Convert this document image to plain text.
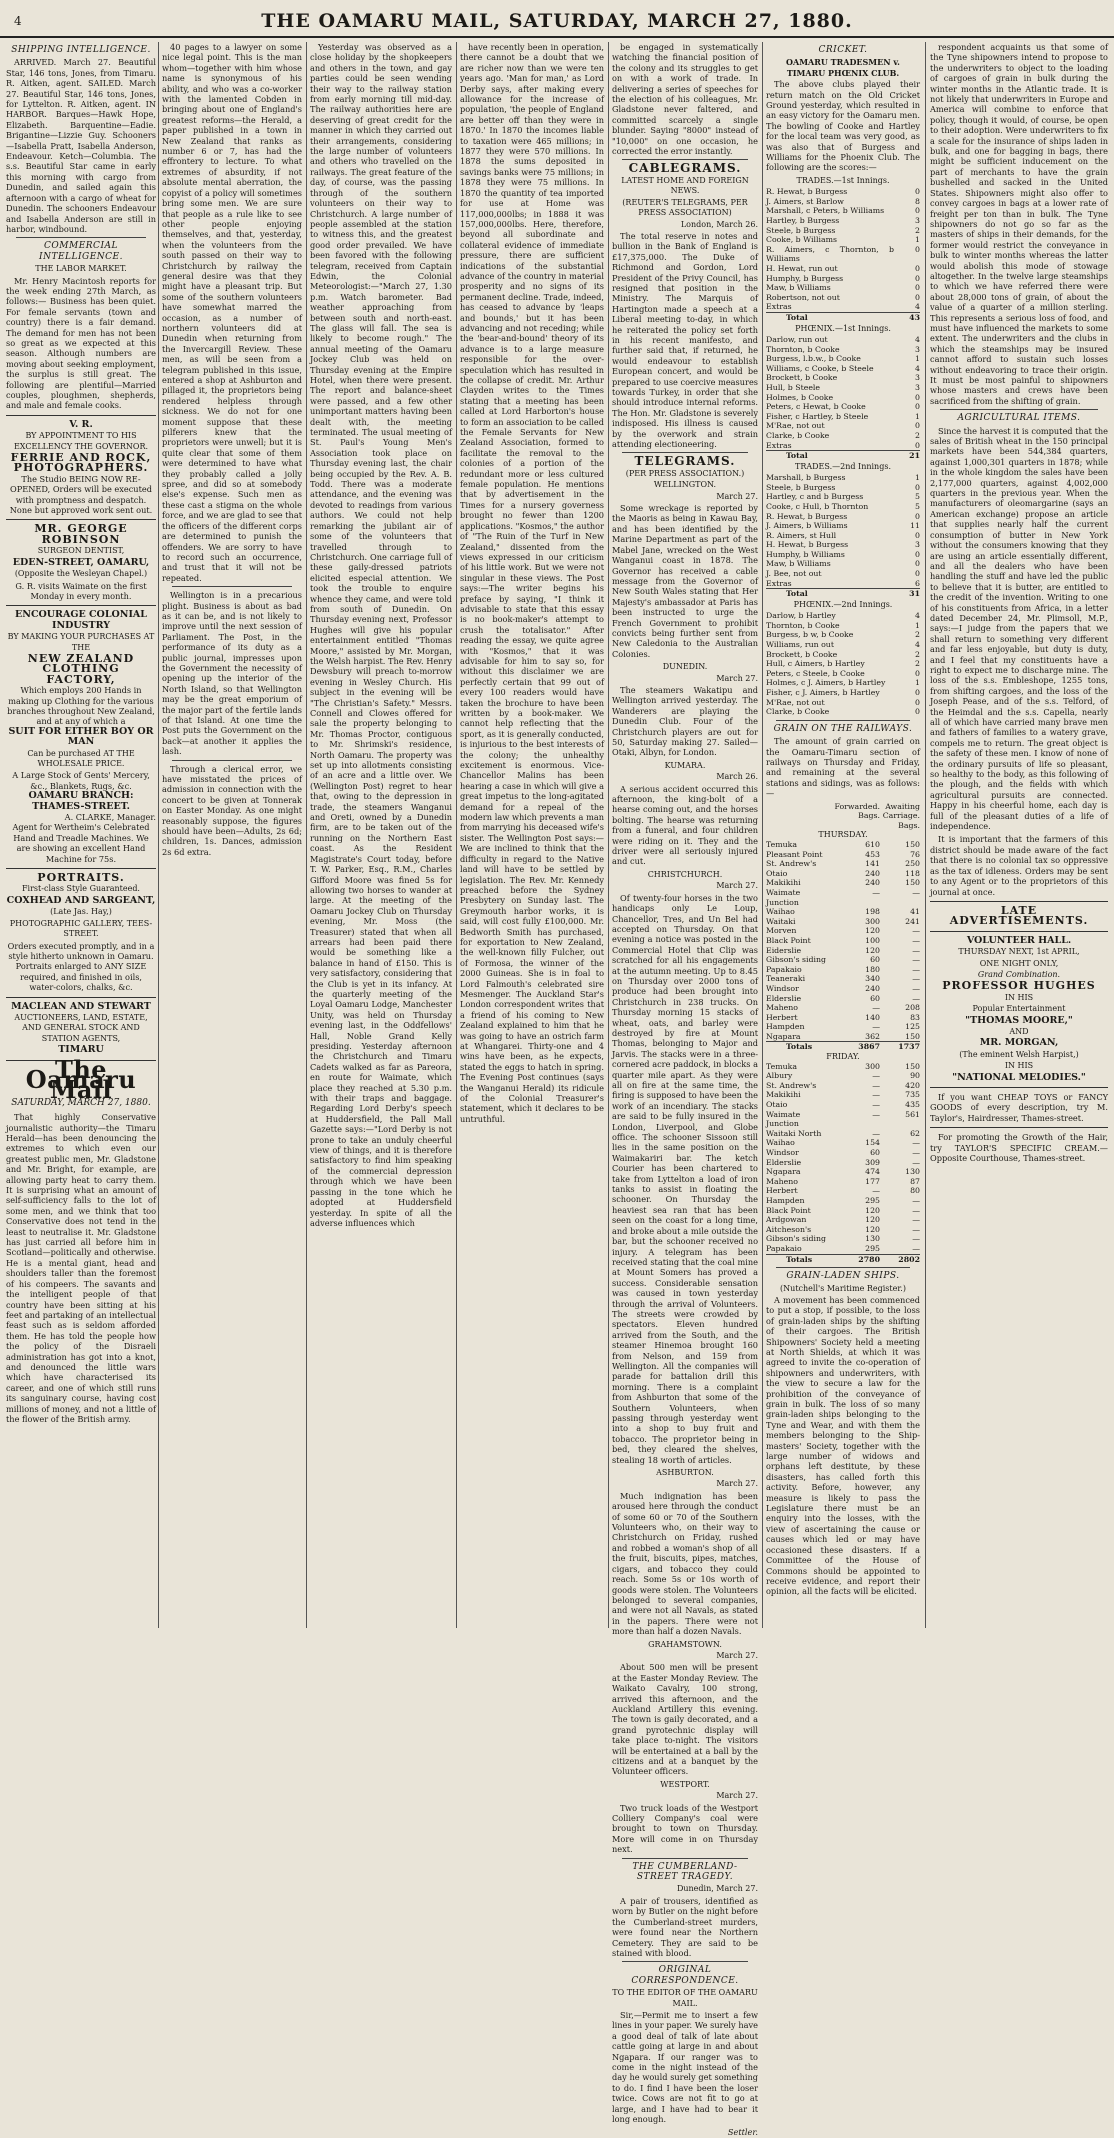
4	THE OAMARU MAIL, SATURDAY, MARCH 27, 1880.
SHIPPING INTELLIGENCE.

ARRIVED. March 27. Beautiful Star, 146 tons, Jones, from Timaru. R. Aitken, agent. SAILED. March 27. Beautiful Star, 146 tons, Jones, for Lyttelton. R. Aitken, agent. IN HARBOR. Barques—Hawk Hope, Elizabeth. Barquentine—Eadie. Brigantine—Lizzie Guy. Schooners—Isabella Pratt, Isabella Anderson, Endeavour. Ketch—Columbia. The s.s. Beautiful Star came in early this morning with cargo from Dunedin, and sailed again this afternoon with a cargo of wheat for Dunedin. The schooners Endeavour and Isabella Anderson are still in harbor, windbound.

COMMERCIAL INTELLIGENCE.
THE LABOR MARKET.

Mr. Henry Macintosh reports for the week ending 27th March, as follows:— Business has been quiet. For female servants (town and country) there is a fair demand. The demand for men has not been so great as we expected at this season. Although numbers are moving about seeking employment, the surplus is still great. The following are plentiful—Married couples, ploughmen, shepherds, and male and female cooks.

V. R.
BY APPOINTMENT TO HIS EXCELLENCY THE GOVERNOR.
FERRIE AND ROCK, PHOTOGRAPHERS.
The Studio BEING NOW RE-OPENED, Orders will be executed with promptness and despatch. None but approved work sent out.
MR. GEORGE ROBINSON
SURGEON DENTIST,
EDEN-STREET, OAMARU,
(Opposite the Wesleyan Chapel.)
G. R. visits Waimate on the first Monday in every month.
ENCOURAGE COLONIAL INDUSTRY
BY MAKING YOUR PURCHASES AT THE
NEW ZEALAND CLOTHING FACTORY,
Which employs 200 Hands in making up Clothing for the various branches throughout New Zealand, and at any of which a
SUIT FOR EITHER BOY OR MAN
Can be purchased AT THE WHOLESALE PRICE.
A Large Stock of Gents' Mercery, &c., Blankets, Rugs, &c.
OAMARU BRANCH: THAMES-STREET.
A. CLARKE, Manager.
Agent for Wertheim's Celebrated Hand and Treadle Machines. We are showing an excellent Hand Machine for 75s.
PORTRAITS.
First-class Style Guaranteed.
COXHEAD AND SARGEANT,
(Late Jas. Hay,)
PHOTOGRAPHIC GALLERY, TEES-STREET.
Orders executed promptly, and in a style hitherto unknown in Oamaru. Portraits enlarged to ANY SIZE required, and finished in oils, water-colors, chalks, &c.
MACLEAN AND STEWART
AUCTIONEERS, LAND, ESTATE, AND GENERAL STOCK AND STATION AGENTS,
TIMARU
The Oamaru Mail
SATURDAY, MARCH 27, 1880.

That highly Conservative journalistic authority—the Timaru Herald—has been denouncing the extremes to which even our greatest public men, Mr. Gladstone and Mr. Bright, for example, are allowing party heat to carry them. It is surprising what an amount of self-sufficiency falls to the lot of some men, and we think that too Conservative does not tend in the least to neutralise it. Mr. Gladstone has just carried all before him in Scotland—politically and otherwise. He is a mental giant, head and shoulders taller than the foremost of his compeers. The savants and the intelligent people of that country have been sitting at his feet and partaking of an intellectual feast such as is seldom afforded them. He has told the people how the policy of the Disraeli administration has got into a knot, and denounced the little wars which have characterised its career, and one of which still runs its sanguinary course, having cost millions of money, and not a little of the flower of the British army.

40 pages to a lawyer on some nice legal point. This is the man whom—together with him whose name is synonymous of his ability, and who was a co-worker with the lamented Cobden in bringing about one of England's greatest reforms—the Herald, a paper published in a town in New Zealand that ranks as number 6 or 7, has had the effrontery to lecture. To what extremes of absurdity, if not absolute mental aberration, the copyist of a policy will sometimes bring some men. We are sure that people as a rule like to see other people enjoying themselves, and that, yesterday, when the volunteers from the south passed on their way to Christchurch by railway the general desire was that they might have a pleasant trip. But some of the southern volunteers have somewhat marred the occasion, as a number of northern volunteers did at Dunedin when returning from the Invercargill Review. These men, as will be seen from a telegram published in this issue, entered a shop at Ashburton and pillaged it, the proprietors being rendered helpless through sickness. We do not for one moment suppose that these pilferers knew that the proprietors were unwell; but it is quite clear that some of them were determined to have what they probably called a jolly spree, and did so at somebody else's expense. Such men as these cast a stigma on the whole force, and we are glad to see that the officers of the different corps are determined to punish the offenders. We are sorry to have to record such an occurrence, and trust that it will not be repeated.

Wellington is in a precarious plight. Business is about as bad as it can be, and is not likely to improve until the next session of Parliament. The Post, in the performance of its duty as a public journal, impresses upon the Government the necessity of opening up the interior of the North Island, so that Wellington may be the great emporium of the major part of the fertile lands of that Island. At one time the Post puts the Government on the back—at another it applies the lash.

Through a clerical error, we have misstated the prices of admission in connection with the concert to be given at Tonnerak on Easter Monday. As one might reasonably suppose, the figures should have been—Adults, 2s 6d; children, 1s. Dances, admission 2s 6d extra.

Yesterday was observed as a close holiday by the shopkeepers and others in the town, and gay parties could be seen wending their way to the railway station from early morning till mid-day. The railway authorities here are deserving of great credit for the manner in which they carried out their arrangements, considering the large number of volunteers and others who travelled on the railways. The great feature of the day, of course, was the passing through of the southern volunteers on their way to Christchurch. A large number of people assembled at the station to witness this, and the greatest good order prevailed. We have been favored with the following telegram, received from Captain Edwin, the Colonial Meteorologist:—"March 27, 1.30 p.m. Watch barometer. Bad weather approaching from between south and north-east. The glass will fall. The sea is likely to become rough." The annual meeting of the Oamaru Jockey Club was held on Thursday evening at the Empire Hotel, when there were present. The report and balance-sheet were passed, and a few other unimportant matters having been dealt with, the meeting terminated. The usual meeting of St. Paul's Young Men's Association took place on Thursday evening last, the chair being occupied by the Rev. A. B. Todd. There was a moderate attendance, and the evening was devoted to readings from various authors. We could not help remarking the jubilant air of some of the volunteers that travelled through to Christchurch. One carriage full of these gaily-dressed patriots elicited especial attention. We took the trouble to enquire whence they came, and were told from south of Dunedin. On Thursday evening next, Professor Hughes will give his popular entertainment entitled "Thomas Moore," assisted by Mr. Morgan, the Welsh harpist. The Rev. Henry Dewsbury will preach to-morrow evening in Wesley Church. His subject in the evening will be "The Christian's Safety." Messrs. Connell and Clowes offered for sale the property belonging to Mr. Thomas Proctor, contiguous to Mr. Shrimski's residence, North Oamaru. The property was set up into allotments consisting of an acre and a little over. We (Wellington Post) regret to hear that, owing to the depression in trade, the steamers Wanganui and Oreti, owned by a Dunedin firm, are to be taken out of the running on the Northern East coast. As the Resident Magistrate's Court today, before T. W. Parker, Esq., R.M., Charles Gifford Moore was fined 5s for allowing two horses to wander at large. At the meeting of the Oamaru Jockey Club on Thursday evening, Mr. Moss (the Treasurer) stated that when all arrears had been paid there would be something like a balance in hand of £150. This is very satisfactory, considering that the Club is yet in its infancy. At the quarterly meeting of the Loyal Oamaru Lodge, Manchester Unity, was held on Thursday evening last, in the Oddfellows' Hall, Noble Grand Kelly presiding. Yesterday afternoon the Christchurch and Timaru Cadets walked as far as Pareora, en route for Waimate, which place they reached at 5.30 p.m. with their traps and baggage. Regarding Lord Derby's speech at Huddersfield, the Pall Mall Gazette says:—"Lord Derby is not prone to take an unduly cheerful view of things, and it is therefore satisfactory to find him speaking of the commercial depression through which we have been passing in the tone which he adopted at Huddersfield yesterday. In spite of all the adverse influences which

have recently been in operation, there cannot be a doubt that we are richer now than we were ten years ago. 'Man for man,' as Lord Derby says, after making every allowance for the increase of population, 'the people of England are better off than they were in 1870.' In 1870 the incomes liable to taxation were 465 millions; in 1877 they were 570 millions. In 1878 the sums deposited in savings banks were 75 millions; in 1878 they were 75 millions. In 1870 the quantity of tea imported for use at Home was 117,000,000lbs; in 1888 it was 157,000,000lbs. Here, therefore, beyond all subordinate and collateral evidence of immediate pressure, there are sufficient indications of the substantial advance of the country in material prosperity and no signs of its permanent decline. Trade, indeed, has ceased to advance by 'leaps and bounds,' but it has been advancing and not receding; while the 'bear-and-bound' theory of its advance is to a large measure responsible for the over-speculation which has resulted in the collapse of credit. Mr. Arthur Clayden writes to the Times stating that a meeting has been called at Lord Harborton's house to form an association to be called the Female Servants for New Zealand Association, formed to facilitate the removal to the colonies of a portion of the redundant more or less cultured female population. He mentions that by advertisement in the Times for a nursery governess brought no fewer than 1200 applications. "Kosmos," the author of "The Ruin of the Turf in New Zealand," dissented from the views expressed in our criticism of his little work. But we were not singular in these views. The Post says:—The writer begins his preface by saying, "I think it advisable to state that this essay is no book-maker's attempt to crush the totalisator." After reading the essay, we quite agree with "Kosmos," that it was advisable for him to say so, for without this disclaimer we are perfectly certain that 99 out of every 100 readers would have taken the brochure to have been written by a book-maker. We cannot help reflecting that the sport, as it is generally conducted, is injurious to the best interests of the colony; the unhealthy excitement is enormous. Vice-Chancellor Malins has been hearing a case in which will give a great impetus to the long-agitated demand for a repeal of the modern law which prevents a man from marrying his deceased wife's sister. The Wellington Post says:—We are inclined to think that the difficulty in regard to the Native land will have to be settled by legislation. The Rev. Mr. Kennedy preached before the Sydney Presbytery on Sunday last. The Greymouth harbor works, it is said, will cost fully £100,000. Mr. Bedworth Smith has purchased, for exportation to New Zealand, the well-known filly Fulcher, out of Formosa, the winner of the 2000 Guineas. She is in foal to Lord Falmouth's celebrated sire Mesmenger. The Auckland Star's London correspondent writes that a friend of his coming to New Zealand explained to him that he was going to have an ostrich farm at Whangarei. Thirty-one and 4 wins have been, as he expects, stated the eggs to hatch in spring. The Evening Post continues (says the Wanganui Herald) its ridicule of the Colonial Treasurer's statement, which it declares to be untruthful.

be engaged in systematically watching the financial position of the colony and its struggles to get on with a work of trade. In delivering a series of speeches for the election of his colleagues, Mr. Gladstone never faltered, and committed scarcely a single blunder. Saying "8000" instead of "10,000" on one occasion, he corrected the error instantly.

CABLEGRAMS.
LATEST HOME AND FOREIGN NEWS.
(REUTER'S TELEGRAMS, PER PRESS ASSOCIATION)
London, March 26.

The total reserve in notes and bullion in the Bank of England is £17,375,000. The Duke of Richmond and Gordon, Lord President of the Privy Council, has resigned that position in the Ministry. The Marquis of Hartington made a speech at a Liberal meeting to-day, in which he reiterated the policy set forth in his recent manifesto, and further said that, if returned, he would endeavour to establish European concert, and would be prepared to use coercive measures towards Turkey, in order that she should introduce internal reforms. The Hon. Mr. Gladstone is severely indisposed. His illness is caused by the overwork and strain attending electioneering.

TELEGRAMS.
(PER PRESS ASSOCIATION.)
WELLINGTON.
March 27.

Some wreckage is reported by the Maoris as being in Kawau Bay, and has been identified by the Marine Department as part of the Mabel Jane, wrecked on the West Wanganui coast in 1878. The Governor has received a cable message from the Governor of New South Wales stating that Her Majesty's ambassador at Paris has been instructed to urge the French Government to prohibit convicts being further sent from New Caledonia to the Australian Colonies.

DUNEDIN.
March 27.

The steamers Wakatipu and Wellington arrived yesterday. The Wanderers are playing the Dunedin Club. Four of the Christchurch players are out for 50, Saturday making 27. Sailed—Otaki, Albyn, for London.

KUMARA.
March 26.

A serious accident occurred this afternoon, the king-bolt of a hearse coming out, and the horses bolting. The hearse was returning from a funeral, and four children were riding on it. They and the driver were all seriously injured and cut.

CHRISTCHURCH.
March 27.

Of twenty-four horses in the two handicaps only Le Loup, Chancellor, Tres, and Un Bel had accepted on Thursday. On that evening a notice was posted in the Commercial Hotel that Clip was scratched for all his engagements at the autumn meeting. Up to 8.45 on Thursday over 2000 tons of produce had been brought into Christchurch in 238 trucks. On Thursday morning 15 stacks of wheat, oats, and barley were destroyed by fire at Mount Thomas, belonging to Major and Jarvis. The stacks were in a three-cornered acre paddock, in blocks a quarter mile apart. As they were all on fire at the same time, the firing is supposed to have been the work of an incendiary. The stacks are said to be fully insured in the London, Liverpool, and Globe office. The schooner Sissoon still lies in the same position on the Waimakariri bar. The ketch Courier has been chartered to take from Lyttelton a load of iron tanks to assist in floating the schooner. On Thursday the heaviest sea ran that has been seen on the coast for a long time, and broke about a mile outside the bar, but the schooner received no injury. A telegram has been received stating that the coal mine at Mount Somers has proved a success. Considerable sensation was caused in town yesterday through the arrival of Volunteers. The streets were crowded by spectators. Eleven hundred arrived from the South, and the steamer Hinemoa brought 160 from Nelson, and 159 from Wellington. All the companies will parade for battalion drill this morning. There is a complaint from Ashburton that some of the Southern Volunteers, when passing through yesterday went into a shop to buy fruit and tobacco. The proprietor being in bed, they cleared the shelves, stealing 18 worth of articles.

ASHBURTON.
March 27.

Much indignation has been aroused here through the conduct of some 60 or 70 of the Southern Volunteers who, on their way to Christchurch on Friday, rushed and robbed a woman's shop of all the fruit, biscuits, pipes, matches, cigars, and tobacco they could reach. Some 5s or 10s worth of goods were stolen. The Volunteers belonged to several companies, and were not all Navals, as stated in the papers. There were not more than half a dozen Navals.

GRAHAMSTOWN.
March 27.

About 500 men will be present at the Easter Monday Review. The Waikato Cavalry, 100 strong, arrived this afternoon, and the Auckland Artillery this evening. The town is gaily decorated, and a grand pyrotechnic display will take place to-night. The visitors will be entertained at a ball by the citizens and at a banquet by the Volunteer officers.

WESTPORT.
March 27.

Two truck loads of the Westport Colliery Company's coal were brought to town on Thursday. More will come in on Thursday next.

THE CUMBERLAND-STREET TRAGEDY.
Dunedin, March 27.

A pair of trousers, identified as worn by Butler on the night before the Cumberland-street murders, were found near the Northern Cemetery. They are said to be stained with blood.

ORIGINAL CORRESPONDENCE.
TO THE EDITOR OF THE OAMARU MAIL.

Sir,—Permit me to insert a few lines in your paper. We surely have a good deal of talk of late about cattle going at large in and about Ngapara. If our ranger was to come in the night instead of the day he would surely get something to do. I find I have been the loser twice. Cows are not fit to go at large, and I have had to bear it long enough.

Settler.
CRICKET.
OAMARU TRADESMEN v. TIMARU PHŒNIX CLUB.

The above clubs played their return match on the Old Cricket Ground yesterday, which resulted in an easy victory for the Oamaru men. The bowling of Cooke and Hartley for the local team was very good, as was also that of Burgess and Williams for the Phoenix Club. The following are the scores:—

TRADES.—1st Innings.
R. Hewat, b Burgess	0
J. Aimers, st Barlow	8
Marshall, c Peters, b Williams	0
Hartley, b Burgess	3
Steele, b Burgess	2
Cooke, b Williams	1
R. Aimers, c Thornton, b Williams	0
H. Hewat, run out	0
Humphy, b Burgess	0
Maw, b Williams	0
Robertson, not out	0
Extras	4
Total	43
PHŒNIX.—1st Innings.
Darlow, run out	4
Thornton, b Cooke	3
Burgess, l.b.w., b Cooke	1
Williams, c Cooke, b Steele	4
Brockett, b Cooke	3
Hull, b Steele	3
Holmes, b Cooke	0
Peters, c Hewat, b Cooke	0
Fisher, c Hartley, b Steele	1
M'Rae, not out	0
Clarke, b Cooke	2
Extras	0
Total	21
TRADES.—2nd Innings.
Marshall, b Burgess	1
Steele, b Burgess	0
Hartley, c and b Burgess	5
Cooke, c Hull, b Thornton	5
R. Hewat, b Burgess	0
J. Aimers, b Williams	11
R. Aimers, st Hull	0
H. Hewat, b Burgess	3
Humphy, b Williams	0
Maw, b Williams	0
J. Bee, not out	0
Extras	6
Total	31
PHŒNIX.—2nd Innings.
Darlow, b Hartley	4
Thornton, b Cooke	1
Burgess, b w, b Cooke	2
Williams, run out	4
Brockett, b Cooke	2
Hull, c Aimers, b Hartley	2
Peters, c Steele, b Cooke	0
Holmes, c J. Aimers, b Hartley	1
Fisher, c J. Aimers, b Hartley	0
M'Rae, not out	0
Clarke, b Cooke	0
GRAIN ON THE RAILWAYS.

The amount of grain carried on the Oamaru-Timaru section of railways on Thursday and Friday, and remaining at the several stations and sidings, was as follows:—

	Forwarded. Bags.	Awaiting Carriage. Bags.
THURSDAY.		
Temuka	610	150
Pleasant Point	453	76
St. Andrew's	141	250
Otaio	240	118
Makikihi	240	150
Waimate Junction	—	—
Waihao	198	41
Waitaki	300	241
Morven	120	—
Black Point	100	—
Eiderslie	120	—
Gibson's siding	60	—
Papakaio	180	—
Teaneraki	340	—
Windsor	240	—
Elderslie	60	—
Maheno	—	208
Herbert	140	83
Hampden	—	125
Ngapara	362	150
Totals	3867	1737
FRIDAY.		
Temuka	300	150
Albury	—	90
St. Andrew's	—	420
Makikihi	—	735
Otaio	—	435
Waimate Junction	—	561
Waitaki North	—	62
Waihao	154	—
Windsor	60	—
Elderslie	309	—
Ngapara	474	130
Maheno	177	87
Herbert	—	80
Hampden	295	—
Black Point	120	—
Ardgowan	120	—
Aitcheson's	120	—
Gibson's siding	130	—
Papakaio	295	—
Totals	2780	2802
GRAIN-LADEN SHIPS.
(Nutchell's Maritime Register.)

A movement has been commenced to put a stop, if possible, to the loss of grain-laden ships by the shifting of their cargoes. The British Shipowners' Society held a meeting at North Shields, at which it was agreed to invite the co-operation of shipowners and underwriters, with the view to secure a law for the prohibition of the conveyance of grain in bulk. The loss of so many grain-laden ships belonging to the Tyne and Wear, and with them the members belonging to the Ship-masters' Society, together with the large number of widows and orphans left destitute, by these disasters, has called forth this activity. Before, however, any measure is likely to pass the Legislature there must be an enquiry into the losses, with the view of ascertaining the cause or causes which led or may have occasioned these disasters. If a Committee of the House of Commons should be appointed to receive evidence, and report their opinion, all the facts will be elicited.

respondent acquaints us that some of the Tyne shipowners intend to propose to the underwriters to object to the loading of cargoes of grain in bulk during the winter months in the Atlantic trade. It is not likely that underwriters in Europe and America will combine to enforce that policy, though it would, of course, be open to their adoption. Were underwriters to fix a scale for the insurance of ships laden in bulk, and one for bagging in bags, there might be sufficient inducement on the part of merchants to have the grain bushelled and sacked in the United States. Shipowners might also offer to convey cargoes in bags at a lower rate of freight per ton than in bulk. The Tyne shipowners do not go so far as the masters of ships in their demands, for the former would restrict the conveyance in bulk to winter months whereas the latter would abolish this mode of stowage altogether. In the twelve large steamships to which we have referred there were about 28,000 tons of grain, of about the value of a quarter of a million sterling. This represents a serious loss of food, and must have influenced the markets to some extent. The underwriters and the clubs in which the steamships may be insured cannot afford to sustain such losses without endeavoring to trace their origin. It must be most painful to shipowners whose masters and crews have been sacrificed from the shifting of grain.

AGRICULTURAL ITEMS.

Since the harvest it is computed that the sales of British wheat in the 150 principal markets have been 544,384 quarters, against 1,000,301 quarters in 1878; while in the whole kingdom the sales have been 2,177,000 quarters, against 4,002,000 quarters in the previous year. When the manufacturers of oleomargarine (says an American exchange) propose an article that supplies nearly half the current consumption of butter in New York without the consumers knowing that they are using an article essentially different, and all the dealers who have been handling the stuff and have led the public to believe that it is butter, are entitled to the credit of the invention. Writing to one of his constituents from Africa, in a letter dated December 24, Mr. Plimsoll, M.P., says:—I judge from the papers that we shall return to something very different and far less enjoyable, but duty is duty, and I feel that my constituents have a right to expect me to discharge mine. The loss of the s.s. Embleshope, 1255 tons, from shifting cargoes, and the loss of the Joseph Pease, and of the s.s. Telford, of the Heimdal and the s.s. Capella, nearly all of which have carried many brave men and fathers of families to a watery grave, compels me to return. The great object is the safety of these men. I know of none of the ordinary pursuits of life so pleasant, so healthy to the body, as this following of the plough, and the fields with which agricultural pursuits are connected. Happy in his cheerful home, each day is full of the pleasant duties of a life of independence.

It is important that the farmers of this district should be made aware of the fact that there is no colonial tax so oppressive as the tax of idleness. Orders may be sent to any Agent or to the proprietors of this journal at once.

LATE ADVERTISEMENTS.
VOLUNTEER HALL.
THURSDAY NEXT, 1st APRIL,
ONE NIGHT ONLY,
Grand Combination.
PROFESSOR HUGHES
IN HIS
Popular Entertainment
"THOMAS MOORE,"
AND
MR. MORGAN,
(The eminent Welsh Harpist,)
IN HIS
"NATIONAL MELODIES."

If you want CHEAP TOYS or FANCY GOODS of every description, try M. Taylor's, Hairdresser, Thames-street.

For promoting the Growth of the Hair, try TAYLOR'S SPECIFIC CREAM.—Opposite Courthouse, Thames-street.
